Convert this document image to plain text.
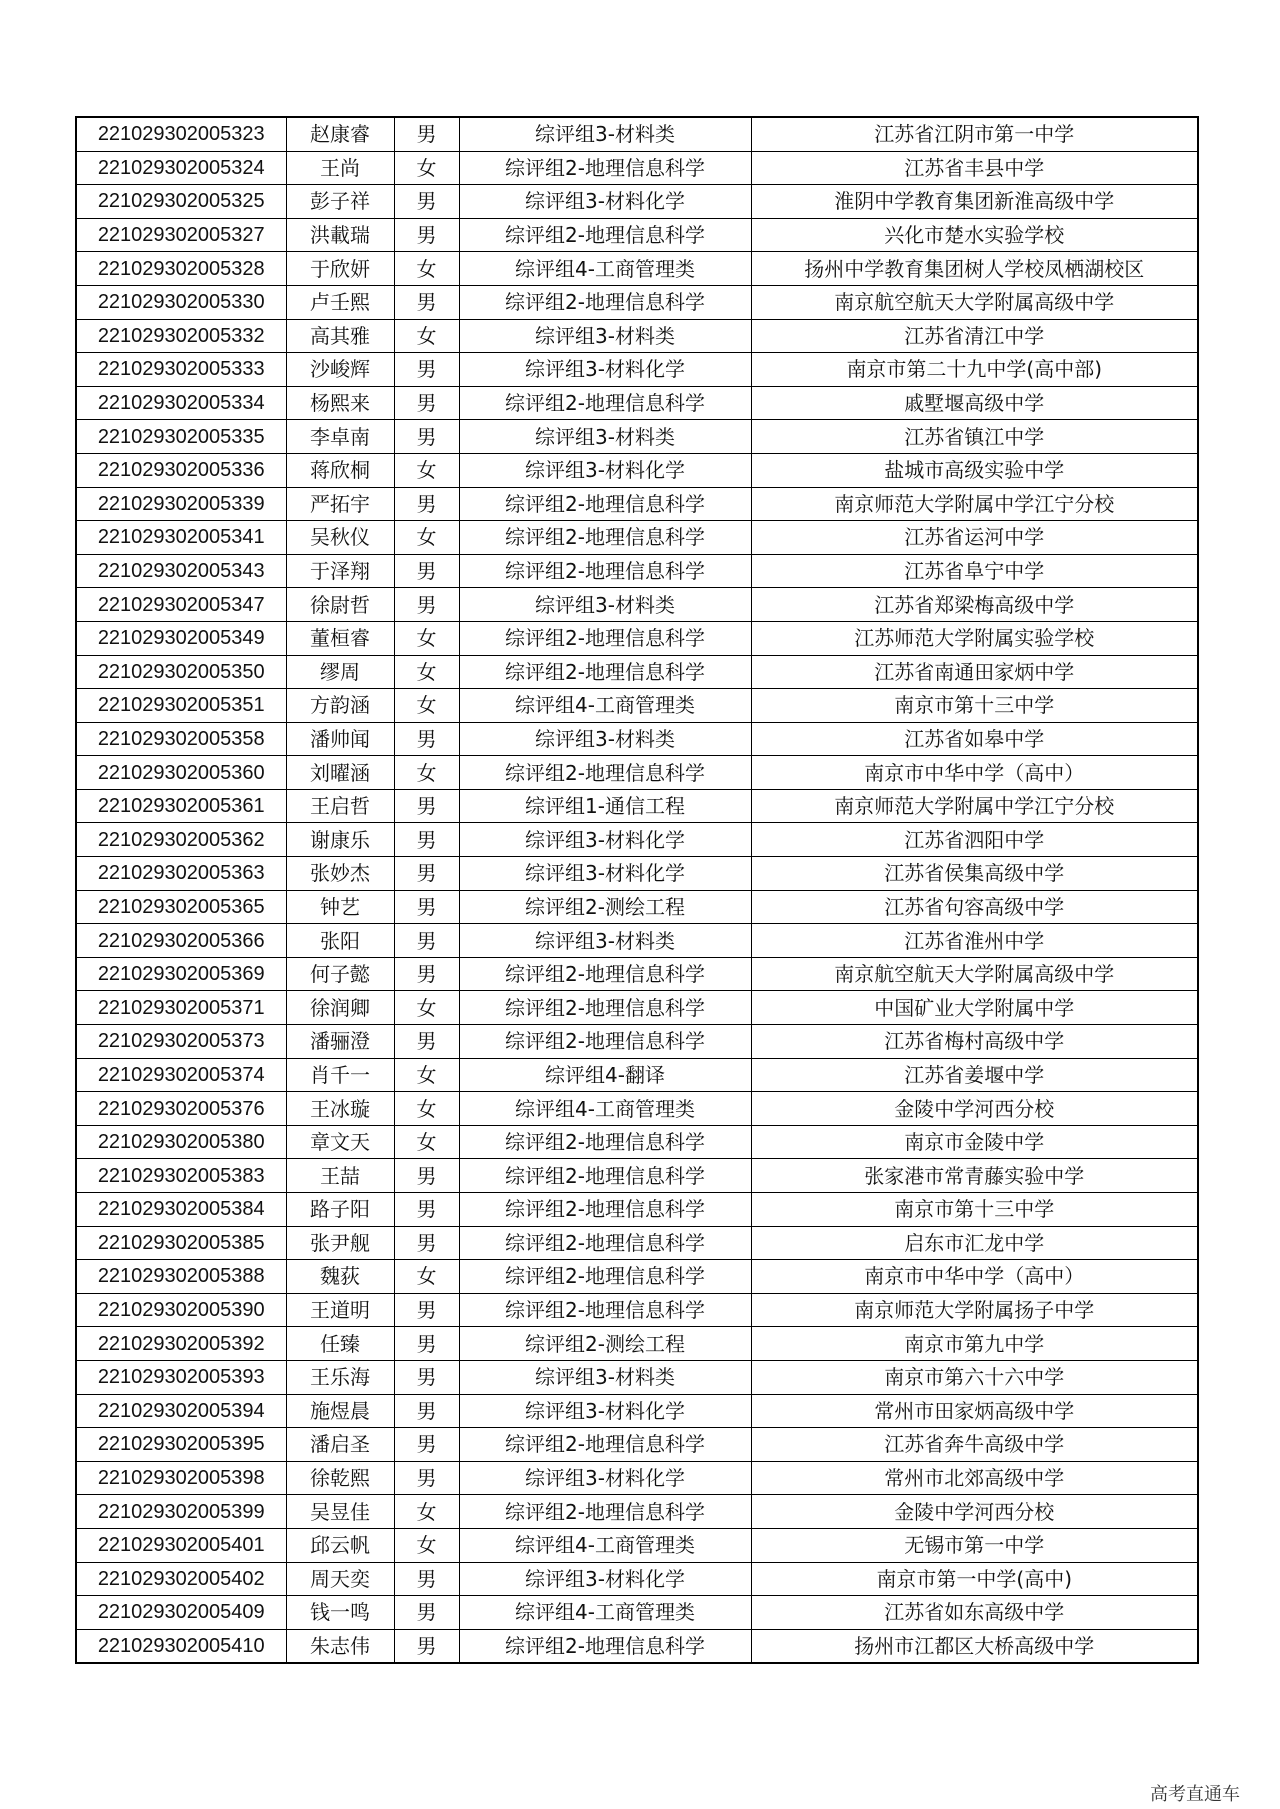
221029302005323	赵康睿	男	综评组3-材料类	江苏省江阴市第一中学
221029302005324	王尚	女	综评组2-地理信息科学	江苏省丰县中学
221029302005325	彭子祥	男	综评组3-材料化学	淮阴中学教育集团新淮高级中学
221029302005327	洪載瑞	男	综评组2-地理信息科学	兴化市楚水实验学校
221029302005328	于欣妍	女	综评组4-工商管理类	扬州中学教育集团树人学校凤栖湖校区
221029302005330	卢壬熙	男	综评组2-地理信息科学	南京航空航天大学附属高级中学
221029302005332	高其雅	女	综评组3-材料类	江苏省清江中学
221029302005333	沙峻辉	男	综评组3-材料化学	南京市第二十九中学(高中部)
221029302005334	杨熙来	男	综评组2-地理信息科学	戚墅堰高级中学
221029302005335	李卓南	男	综评组3-材料类	江苏省镇江中学
221029302005336	蒋欣桐	女	综评组3-材料化学	盐城市高级实验中学
221029302005339	严拓宇	男	综评组2-地理信息科学	南京师范大学附属中学江宁分校
221029302005341	吴秋仪	女	综评组2-地理信息科学	江苏省运河中学
221029302005343	于泽翔	男	综评组2-地理信息科学	江苏省阜宁中学
221029302005347	徐尉哲	男	综评组3-材料类	江苏省郑梁梅高级中学
221029302005349	董桓睿	女	综评组2-地理信息科学	江苏师范大学附属实验学校
221029302005350	缪周	女	综评组2-地理信息科学	江苏省南通田家炳中学
221029302005351	方韵涵	女	综评组4-工商管理类	南京市第十三中学
221029302005358	潘帅闻	男	综评组3-材料类	江苏省如皋中学
221029302005360	刘曜涵	女	综评组2-地理信息科学	南京市中华中学（高中）
221029302005361	王启哲	男	综评组1-通信工程	南京师范大学附属中学江宁分校
221029302005362	谢康乐	男	综评组3-材料化学	江苏省泗阳中学
221029302005363	张妙杰	男	综评组3-材料化学	江苏省侯集高级中学
221029302005365	钟艺	男	综评组2-测绘工程	江苏省句容高级中学
221029302005366	张阳	男	综评组3-材料类	江苏省淮州中学
221029302005369	何子懿	男	综评组2-地理信息科学	南京航空航天大学附属高级中学
221029302005371	徐润卿	女	综评组2-地理信息科学	中国矿业大学附属中学
221029302005373	潘骊澄	男	综评组2-地理信息科学	江苏省梅村高级中学
221029302005374	肖千一	女	综评组4-翻译	江苏省姜堰中学
221029302005376	王冰璇	女	综评组4-工商管理类	金陵中学河西分校
221029302005380	章文天	女	综评组2-地理信息科学	南京市金陵中学
221029302005383	王喆	男	综评组2-地理信息科学	张家港市常青藤实验中学
221029302005384	路子阳	男	综评组2-地理信息科学	南京市第十三中学
221029302005385	张尹舰	男	综评组2-地理信息科学	启东市汇龙中学
221029302005388	魏荻	女	综评组2-地理信息科学	南京市中华中学（高中）
221029302005390	王道明	男	综评组2-地理信息科学	南京师范大学附属扬子中学
221029302005392	任臻	男	综评组2-测绘工程	南京市第九中学
221029302005393	王乐海	男	综评组3-材料类	南京市第六十六中学
221029302005394	施煜晨	男	综评组3-材料化学	常州市田家炳高级中学
221029302005395	潘启圣	男	综评组2-地理信息科学	江苏省奔牛高级中学
221029302005398	徐乾熙	男	综评组3-材料化学	常州市北郊高级中学
221029302005399	吴昱佳	女	综评组2-地理信息科学	金陵中学河西分校
221029302005401	邱云帆	女	综评组4-工商管理类	无锡市第一中学
221029302005402	周天奕	男	综评组3-材料化学	南京市第一中学(高中)
221029302005409	钱一鸣	男	综评组4-工商管理类	江苏省如东高级中学
221029302005410	朱志伟	男	综评组2-地理信息科学	扬州市江都区大桥高级中学
高考直通车
